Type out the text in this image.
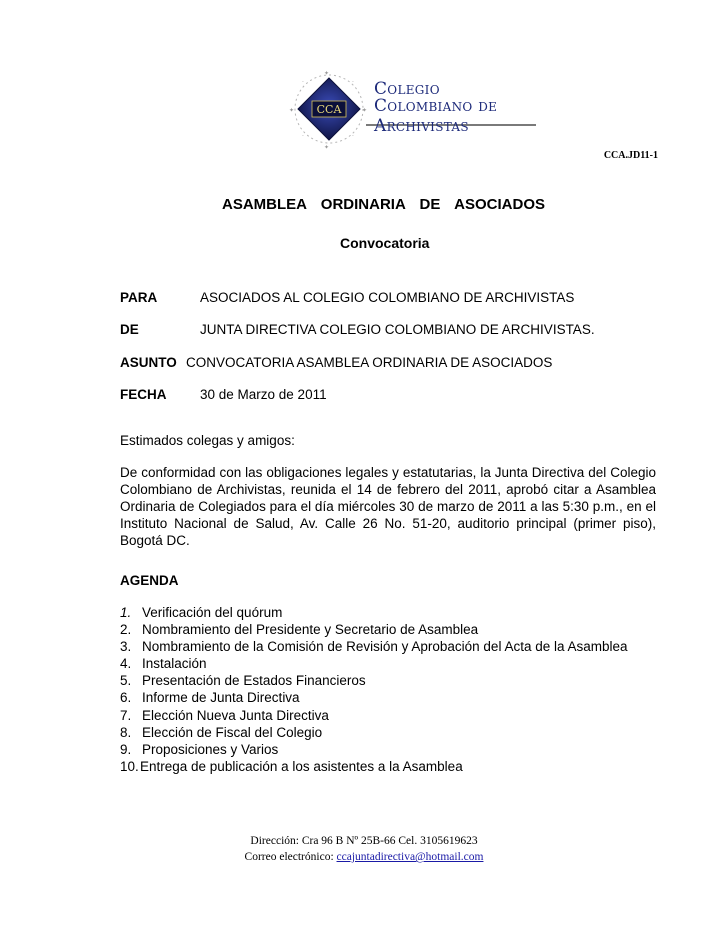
CCA
✦
✦
✦
✦
·
·
·
·
Colegio
Colombiano de
Archivistas
CCA.JD11-1
ASAMBLEA  ORDINARIA  DE  ASOCIADOS
Convocatoria
PARA	ASOCIADOS AL COLEGIO COLOMBIANO DE ARCHIVISTAS
DE	JUNTA DIRECTIVA COLEGIO COLOMBIANO DE ARCHIVISTAS.
ASUNTO CONVOCATORIA ASAMBLEA ORDINARIA DE ASOCIADOS
FECHA	30 de Marzo de 2011
Estimados colegas y amigos:
De conformidad con las obligaciones legales y estatutarias, la Junta Directiva del Colegio Colombiano de Archivistas, reunida el 14 de febrero del 2011, aprobó citar a Asamblea Ordinaria de Colegiados para el día miércoles 30 de marzo de 2011 a las 5:30 p.m., en el Instituto Nacional de Salud, Av. Calle 26 No. 51-20, auditorio principal (primer piso), Bogotá DC.
AGENDA
1. Verificación del quórum
2. Nombramiento del Presidente y Secretario de Asamblea
3. Nombramiento de la Comisión de Revisión y Aprobación del Acta de la Asamblea
4. Instalación
5. Presentación de Estados Financieros
6. Informe de Junta Directiva
7. Elección Nueva Junta Directiva
8. Elección de Fiscal del Colegio
9. Proposiciones y Varios
10.Entrega de publicación a los asistentes a la Asamblea
Dirección: Cra 96 B Nº 25B-66 Cel. 3105619623
Correo electrónico: ccajuntadirectiva@hotmail.com
